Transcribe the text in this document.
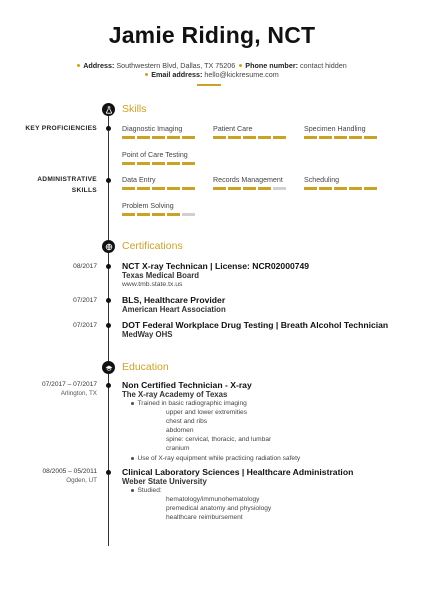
Jamie Riding, NCT
Address: Southwestern Blvd, Dallas, TX 75206 Phone number: contact hidden
Email address: hello@kickresume.com
Skills
KEY PROFICIENCIES	Diagnostic Imaging	Patient Care	Specimen Handling
Point of Care Testing
ADMINISTRATIVE
SKILLS
Data Entry	Records Management	Scheduling
Problem Solving
Certifications
08/2017	NCT X-ray Technican | License: NCR02000749
Texas Medical Board
www.tmb.state.tx.us
07/2017	BLS, Healthcare Provider
American Heart Association
07/2017	DOT Federal Workplace Drug Testing | Breath Alcohol Technician
MedWay OHS
Education
07/2017 – 07/2017
Arlington, TX
Non Certified Technician - X-ray
The X-ray Academy of Texas
Trained in basic radiographic imaging
upper and lower extremities
chest and ribs
abdomen
spine: cervical, thoracic, and lumbar
cranium
Use of X-ray equipment while practicing radiation safety
08/2005 – 05/2011
Ogden, UT
Clinical Laboratory Sciences | Healthcare Administration
Weber State University
Studied:
hematology/immunohematology
premedical anatomy and physiology
healthcare reimbursement
